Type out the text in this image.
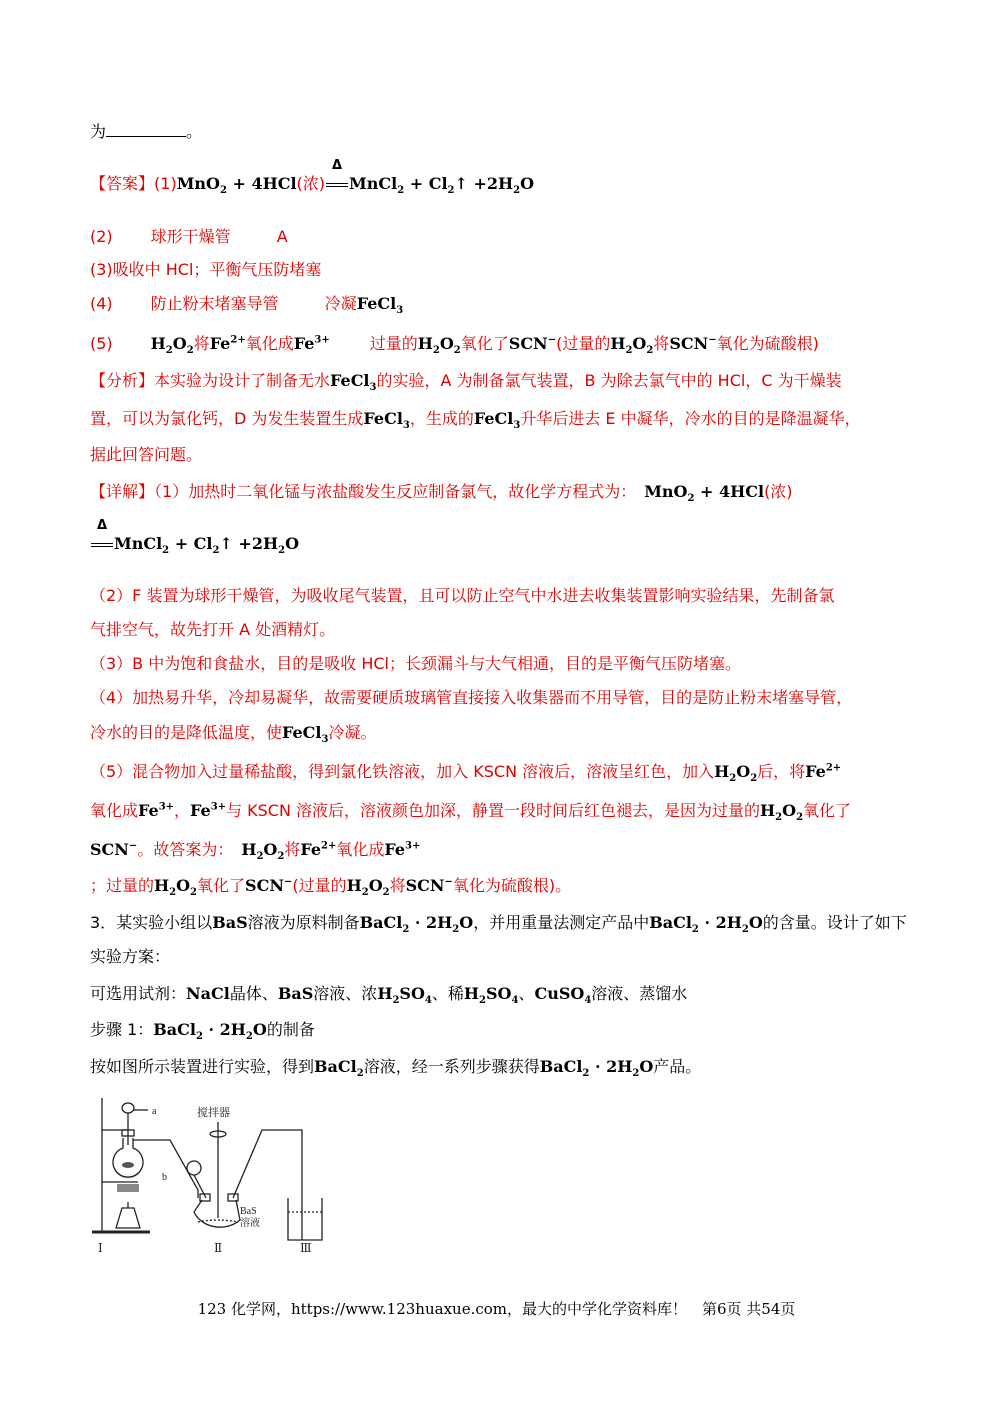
为	。
【答案】(1)MnO$_2$ + 4HCl(浓)
Δ
MnCl$_2$ + $Cl_2↑ +2H_2O$
(2) 球形干燥管	A
(3)吸收中 HCl；平衡气压防堵塞
(4) 防止粉末堵塞导管	冷凝FeCl$_3$
(5) $H_2O_2$将$Fe^{2+}$氧化成$Fe^{3+}$	过量的$H_2O_2$氧化了SCN−(过量的$H_2O_2$将SCN−氧化为硫酸根)
【分析】本实验为设计了制备无水FeCl$_3$的实验，A 为制备氯气装置，B 为除去氯气中的 HCl，C 为干燥装
置，可以为氯化钙，D 为发生装置生成FeCl$_3$，生成的FeCl$_3$升华后进去 E 中凝华，冷水的目的是降温凝华，
据此回答问题。
【详解】（1）加热时二氧化锰与浓盐酸发生反应制备氯气，故化学方程式为： MnO$_2$ + 4HCl(浓)
Δ
MnCl$_2$ + $Cl_2↑ +2H_2O$
（2）F 装置为球形干燥管，为吸收尾气装置，且可以防止空气中水进去收集装置影响实验结果，先制备氯
气排空气，故先打开 A 处酒精灯。
（3）B 中为饱和食盐水，目的是吸收 HCl；长颈漏斗与大气相通，目的是平衡气压防堵塞。
（4）加热易升华，冷却易凝华，故需要硬质玻璃管直接接入收集器而不用导管，目的是防止粉末堵塞导管，
冷水的目的是降低温度，使FeCl$_3$冷凝。
（5）混合物加入过量稀盐酸，得到氯化铁溶液，加入 KSCN 溶液后，溶液呈红色，加入$H_2O_2$后，将$Fe^{2+}$
氧化成$Fe^{3+}$，$Fe^{3+}$与 KSCN 溶液后，溶液颜色加深，静置一段时间后红色褪去，是因为过量的$H_2O_2$氧化了
SCN−。故答案为： $H_2O_2$将$Fe^{2+}$氧化成$Fe^{3+}$
；过量的$H_2O_2$氧化了SCN−(过量的$H_2O_2$将SCN−氧化为硫酸根)。
3．某实验小组以BaS溶液为原料制备BaCl$_2$ · $2H_2O$，并用重量法测定产品中BaCl$_2$ · $2H_2O$的含量。设计了如下
实验方案：
可选用试剂：NaCl晶体、BaS溶液、浓$H_2SO_4$、稀$H_2SO_4$、CuSO$_4$溶液、蒸馏水
步骤 1：BaCl$_2$ · $2H_2O$的制备
按如图所示装置进行实验，得到BaCl$_2$溶液，经一系列步骤获得BaCl$_2$ · $2H_2O$产品。
a
b
搅拌器
BaS
溶液
Ⅰ	Ⅱ	Ⅲ
123 化学网，https://www.123huaxue.com，最大的中学化学资料库！　第6页 共54页
